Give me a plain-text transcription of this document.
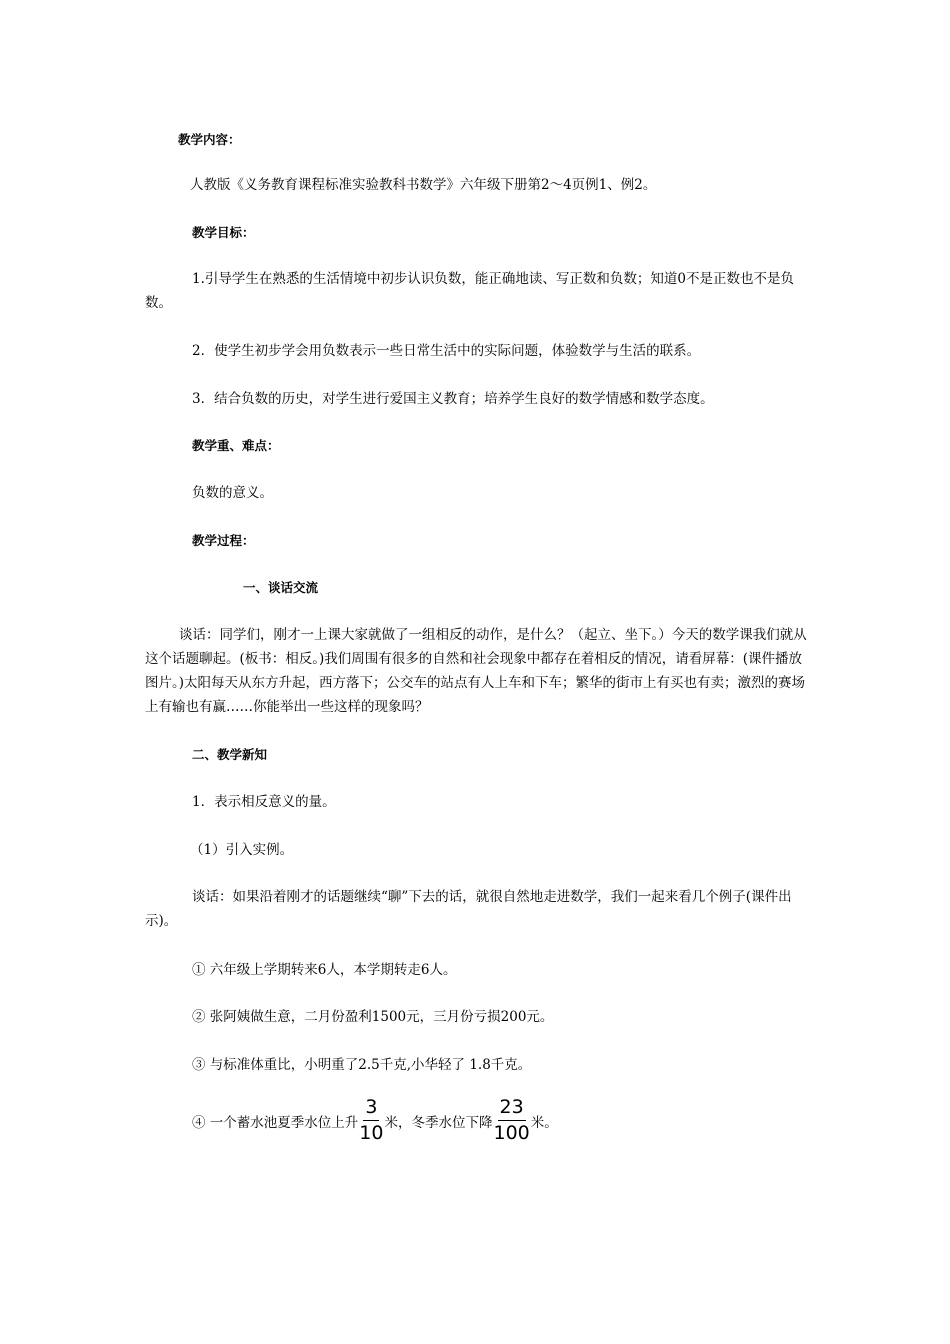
教学内容：

人教版《义务教育课程标准实验教科书数学》六年级下册第2～4页例1、例2。

教学目标：

1.引导学生在熟悉的生活情境中初步认识负数，能正确地读、写正数和负数；知道0不是正数也不是负数。

2．使学生初步学会用负数表示一些日常生活中的实际问题，体验数学与生活的联系。

3．结合负数的历史，对学生进行爱国主义教育；培养学生良好的数学情感和数学态度。

教学重、难点：

负数的意义。

教学过程：

一、谈话交流

谈话：同学们，刚才一上课大家就做了一组相反的动作，是什么？（起立、坐下。）今天的数学课我们就从这个话题聊起。(板书：相反。)我们周围有很多的自然和社会现象中都存在着相反的情况，请看屏幕：(课件播放图片。)太阳每天从东方升起，西方落下；公交车的站点有人上车和下车；繁华的街市上有买也有卖；激烈的赛场上有输也有赢……你能举出一些这样的现象吗？

二、教学新知

1．表示相反意义的量。

（1）引入实例。

谈话：如果沿着刚才的话题继续“聊”下去的话，就很自然地走进数学，我们一起来看几个例子(课件出示)。

① 六年级上学期转来6人，本学期转走6人。

② 张阿姨做生意，二月份盈利1500元，三月份亏损200元。

③ 与标准体重比，小明重了2.5千克,小华轻了 1.8千克。

④ 一个蓄水池夏季水位上升 $\frac{3}{10}$ 米，冬季水位下降 $\frac{23}{100}$ 米。
